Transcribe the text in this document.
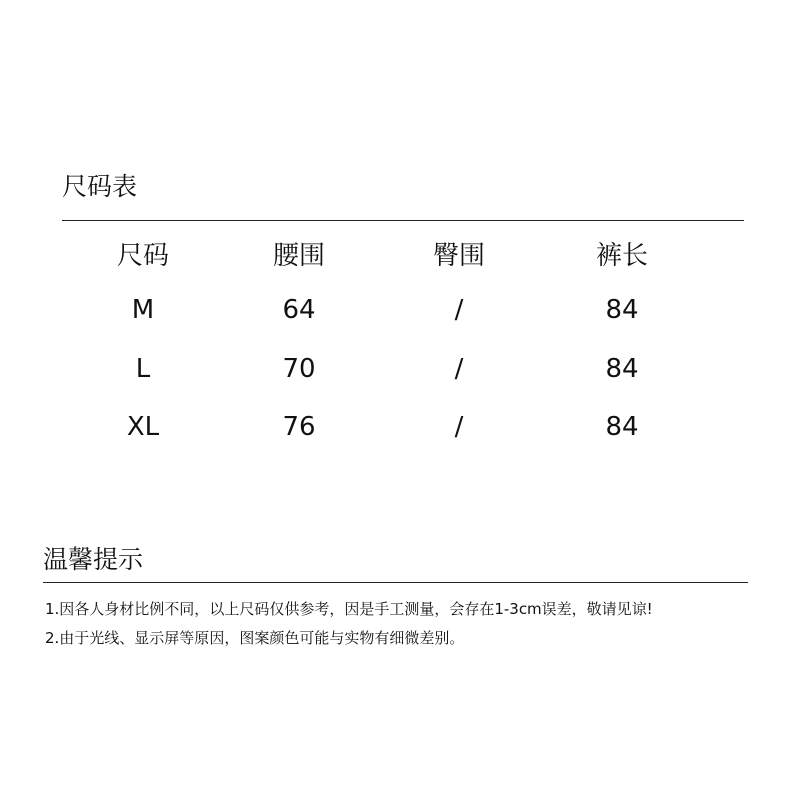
尺码表
尺码	腰围	臀围	裤长
M	64	/	84
L	70	/	84
XL	76	/	84
温馨提示
1.因各人身材比例不同，以上尺码仅供参考，因是手工测量，会存在1-3cm误差，敬请见谅!
2.由于光线、显示屏等原因，图案颜色可能与实物有细微差别。
